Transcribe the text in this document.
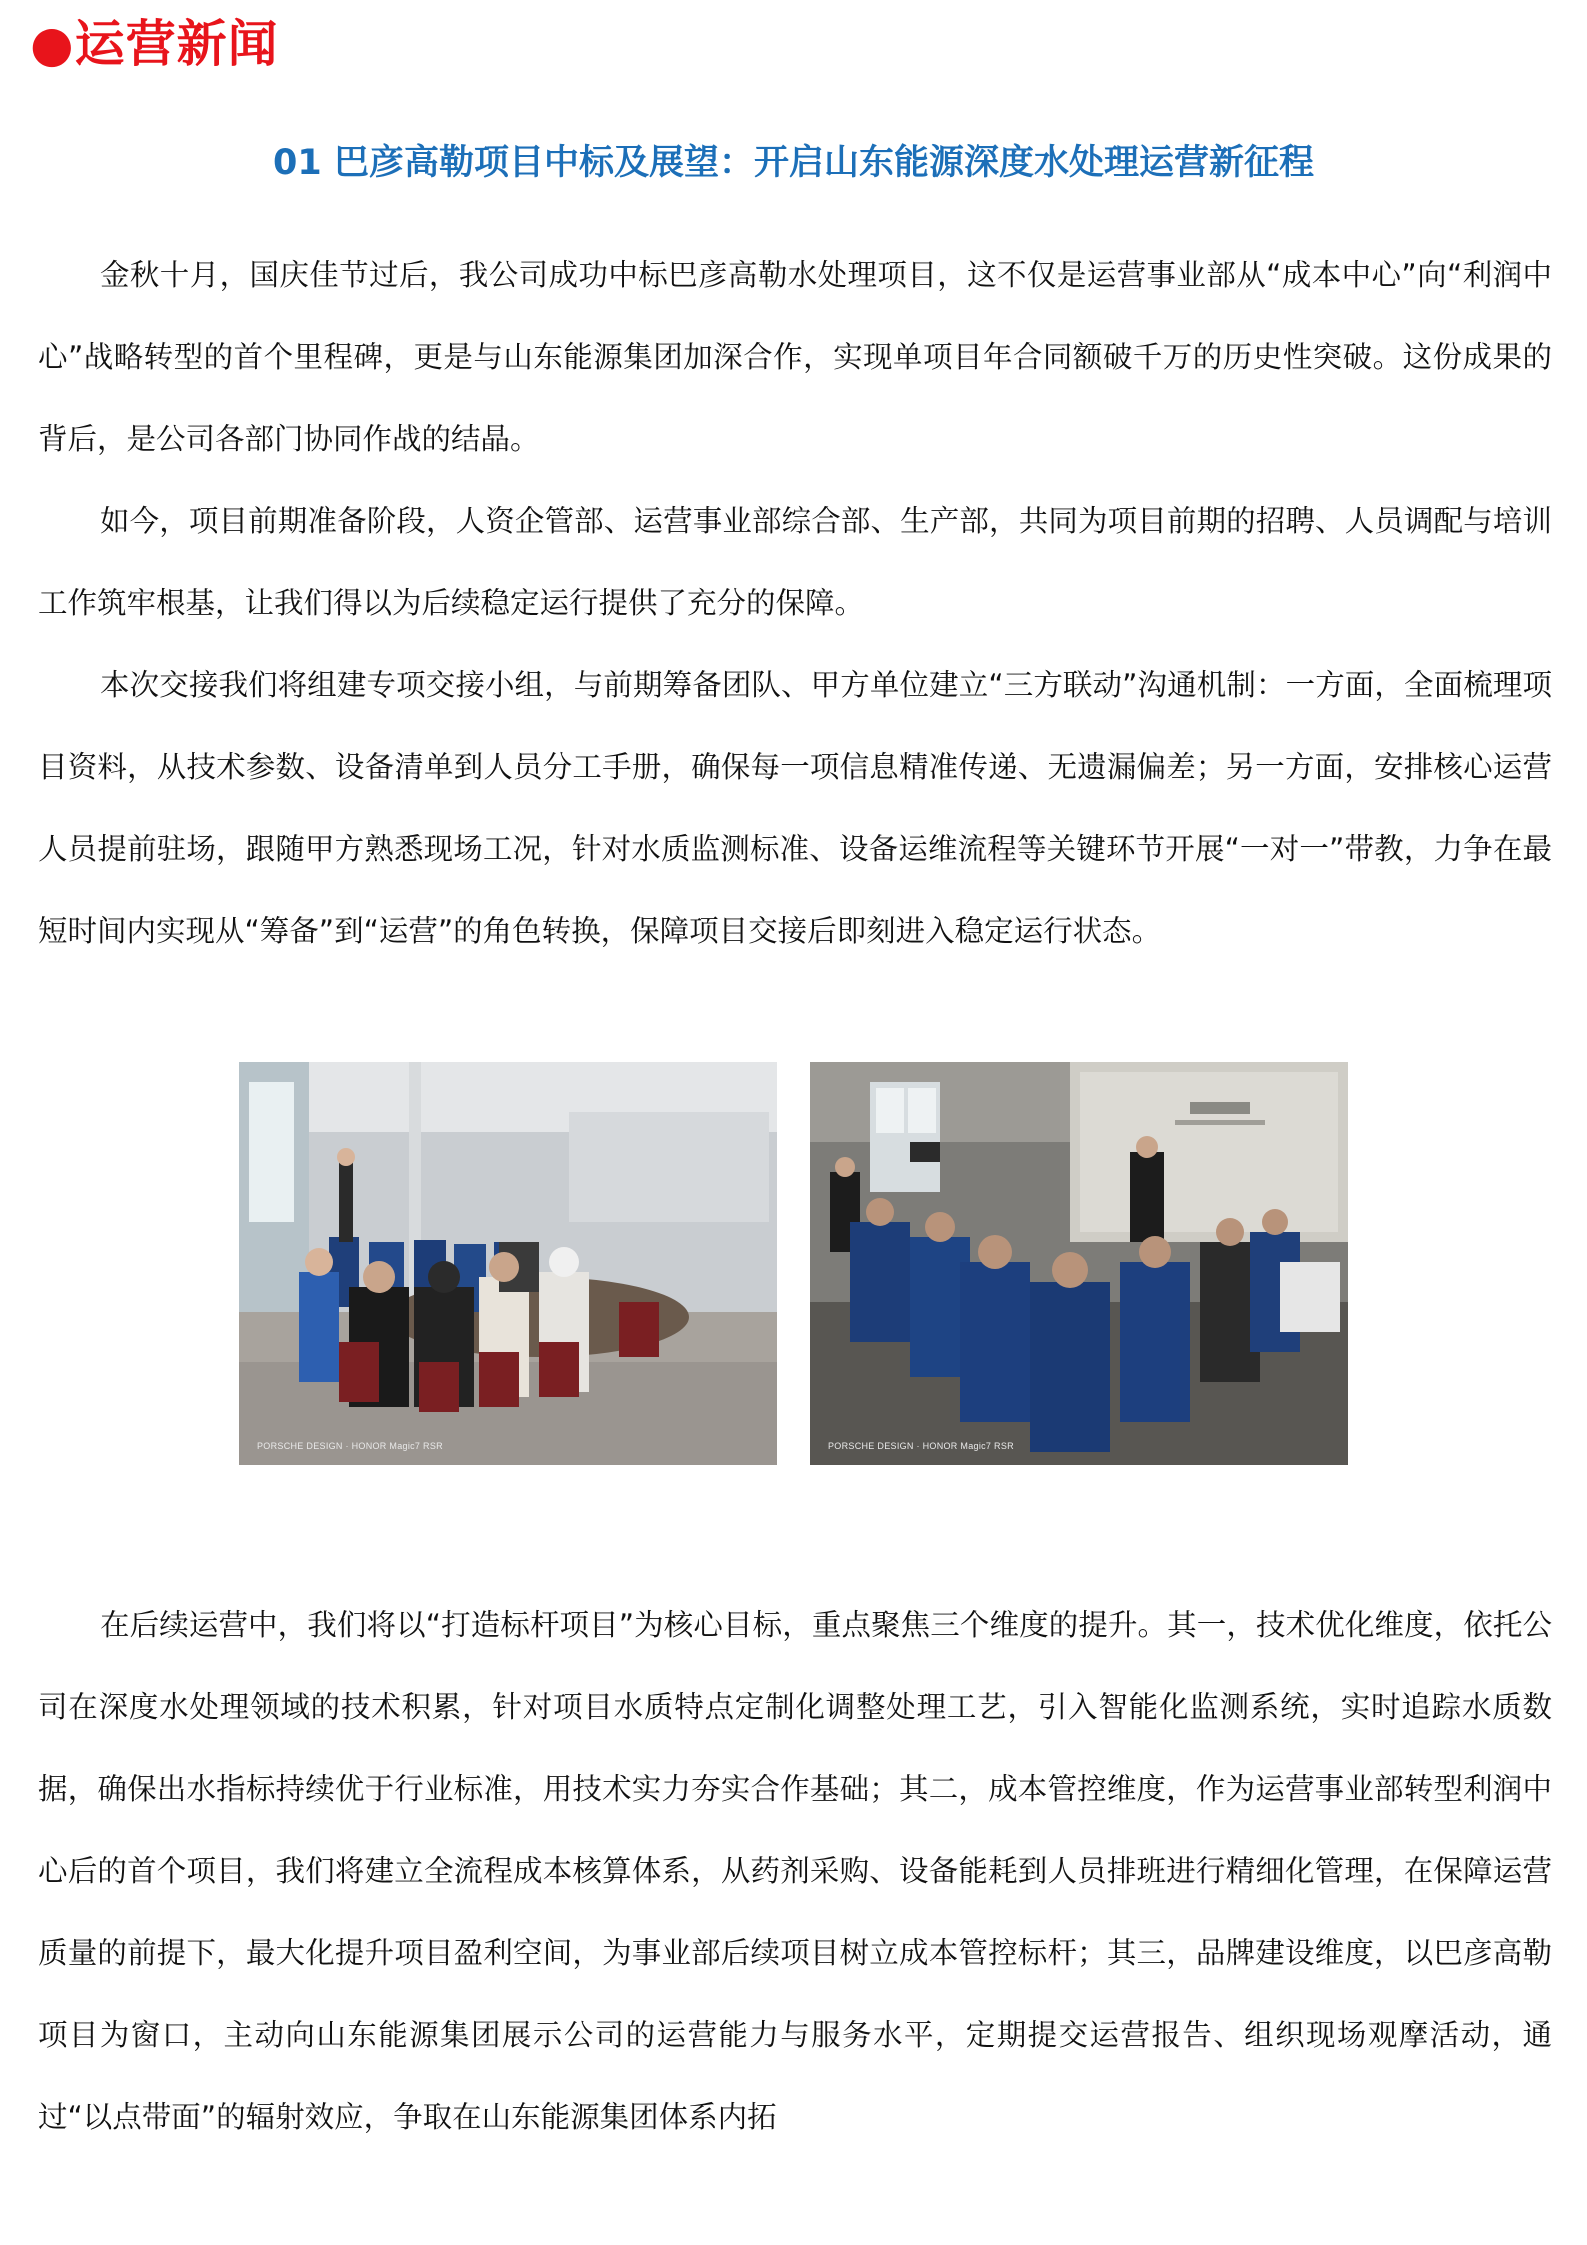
●运营新闻
01 巴彦高勒项目中标及展望：开启山东能源深度水处理运营新征程

金秋十月，国庆佳节过后，我公司成功中标巴彦高勒水处理项目，这不仅是运营事业部从“成本中心”向“利润中心”战略转型的首个里程碑，更是与山东能源集团加深合作，实现单项目年合同额破千万的历史性突破。这份成果的背后，是公司各部门协同作战的结晶。

如今，项目前期准备阶段，人资企管部、运营事业部综合部、生产部，共同为项目前期的招聘、人员调配与培训工作筑牢根基，让我们得以为后续稳定运行提供了充分的保障。

本次交接我们将组建专项交接小组，与前期筹备团队、甲方单位建立“三方联动”沟通机制：一方面，全面梳理项目资料，从技术参数、设备清单到人员分工手册，确保每一项信息精准传递、无遗漏偏差；另一方面，安排核心运营人员提前驻场，跟随甲方熟悉现场工况，针对水质监测标准、设备运维流程等关键环节开展“一对一”带教，力争在最短时间内实现从“筹备”到“运营”的角色转换，保障项目交接后即刻进入稳定运行状态。

PORSCHE DESIGN · HONOR Magic7 RSR	PORSCHE DESIGN · HONOR Magic7 RSR

在后续运营中，我们将以“打造标杆项目”为核心目标，重点聚焦三个维度的提升。其一，技术优化维度，依托公司在深度水处理领域的技术积累，针对项目水质特点定制化调整处理工艺，引入智能化监测系统，实时追踪水质数据，确保出水指标持续优于行业标准，用技术实力夯实合作基础；其二，成本管控维度，作为运营事业部转型利润中心后的首个项目，我们将建立全流程成本核算体系，从药剂采购、设备能耗到人员排班进行精细化管理，在保障运营质量的前提下，最大化提升项目盈利空间，为事业部后续项目树立成本管控标杆；其三，品牌建设维度，以巴彦高勒项目为窗口，主动向山东能源集团展示公司的运营能力与服务水平，定期提交运营报告、组织现场观摩活动，通过“以点带面”的辐射效应，争取在山东能源集团体系内拓
